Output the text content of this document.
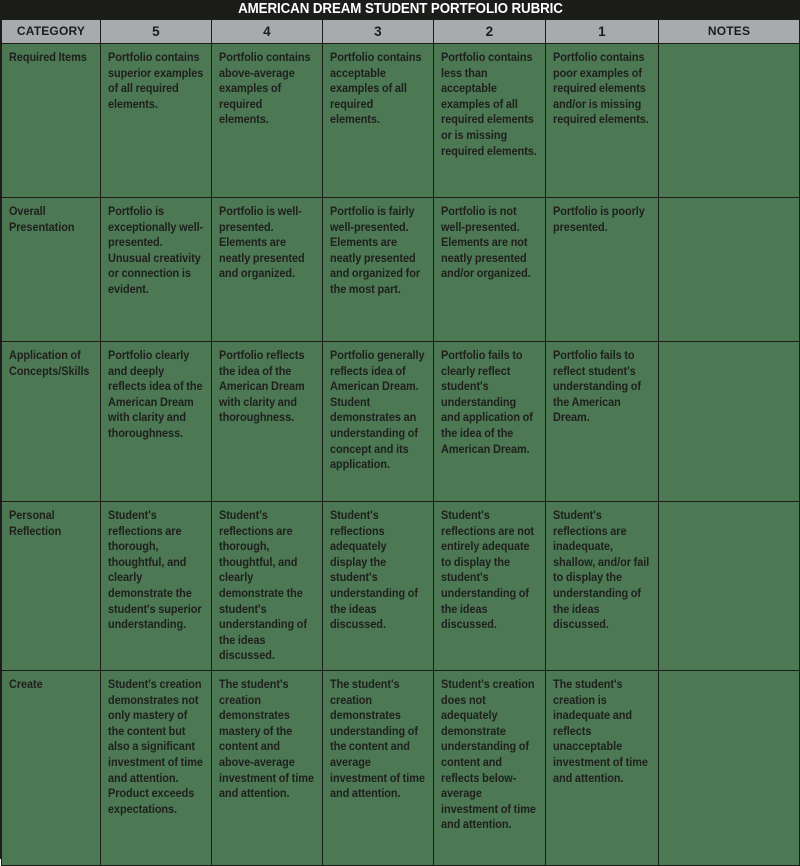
AMERICAN DREAM STUDENT PORTFOLIO RUBRIC
CATEGORY	5	4	3	2	1	NOTES

Required Items	Portfolio contains superior examples of all required elements.	Portfolio contains above-average examples of required elements.	Portfolio contains acceptable examples of all required elements.	Portfolio contains less than acceptable examples of all required elements or is missing required elements.	Portfolio contains poor examples of required elements and/or is missing required elements.	

Overall Presentation	Portfolio is exceptionally well-presented. Unusual creativity or connection is evident.	Portfolio is well-presented. Elements are neatly presented and organized.	Portfolio is fairly well-presented. Elements are neatly presented and organized for the most part.	Portfolio is not well-presented. Elements are not neatly presented and/or organized.	Portfolio is poorly presented.	

Application of Concepts/Skills	Portfolio clearly and deeply reflects idea of the American Dream with clarity and thoroughness.	Portfolio reflects the idea of the American Dream with clarity and thoroughness.	Portfolio generally reflects idea of American Dream. Student demonstrates an understanding of concept and its application.	Portfolio fails to clearly reflect student's understanding and application of the idea of the American Dream.	Portfolio fails to reflect student's understanding of the American Dream.	

Personal Reflection	Student's reflections are thorough, thoughtful, and clearly demonstrate the student's superior understanding.	Student's reflections are thorough, thoughtful, and clearly demonstrate the student's understanding of the ideas discussed.	Student's reflections adequately display the student's understanding of the ideas discussed.	Student's reflections are not entirely adequate to display the student's understanding of the ideas discussed.	Student's reflections are inadequate, shallow, and/or fail to display the understanding of the ideas discussed.	

Create	Student's creation demonstrates not only mastery of the content but also a significant investment of time and attention. Product exceeds expectations.	The student's creation demonstrates mastery of the content and above-average investment of time and attention.	The student's creation demonstrates understanding of the content and average investment of time and attention.	Student's creation does not adequately demonstrate understanding of content and reflects below-average investment of time and attention.	The student's creation is inadequate and reflects unacceptable investment of time and attention.	
